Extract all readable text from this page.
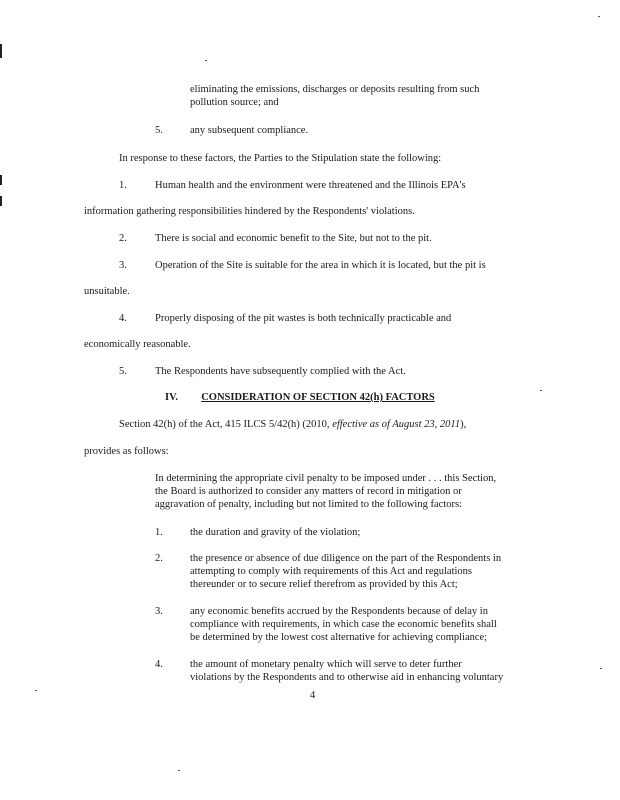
eliminating the emissions, discharges or deposits resulting from such
pollution source; and
5.	any subsequent compliance.
In response to these factors, the Parties to the Stipulation state the following:
1.	Human health and the environment were threatened and the Illinois EPA's
information gathering responsibilities hindered by the Respondents' violations.
2.	There is social and economic benefit to the Site, but not to the pit.
3.	Operation of the Site is suitable for the area in which it is located, but the pit is
unsuitable.
4.	Properly disposing of the pit wastes is both technically practicable and
economically reasonable.
5.	The Respondents have subsequently complied with the Act.
IV. CONSIDERATION OF SECTION 42(h) FACTORS
Section 42(h) of the Act, 415 ILCS 5/42(h) (2010, effective as of August 23, 2011),
provides as follows:
In determining the appropriate civil penalty to be imposed under . . . this Section,
the Board is authorized to consider any matters of record in mitigation or
aggravation of penalty, including but not limited to the following factors:
1.	the duration and gravity of the violation;
2.	the presence or absence of due diligence on the part of the Respondents in
attempting to comply with requirements of this Act and regulations
thereunder or to secure relief therefrom as provided by this Act;
3.	any economic benefits accrued by the Respondents because of delay in
compliance with requirements, in which case the economic benefits shall
be determined by the lowest cost alternative for achieving compliance;
4.	the amount of monetary penalty which will serve to deter further
violations by the Respondents and to otherwise aid in enhancing voluntary
4
